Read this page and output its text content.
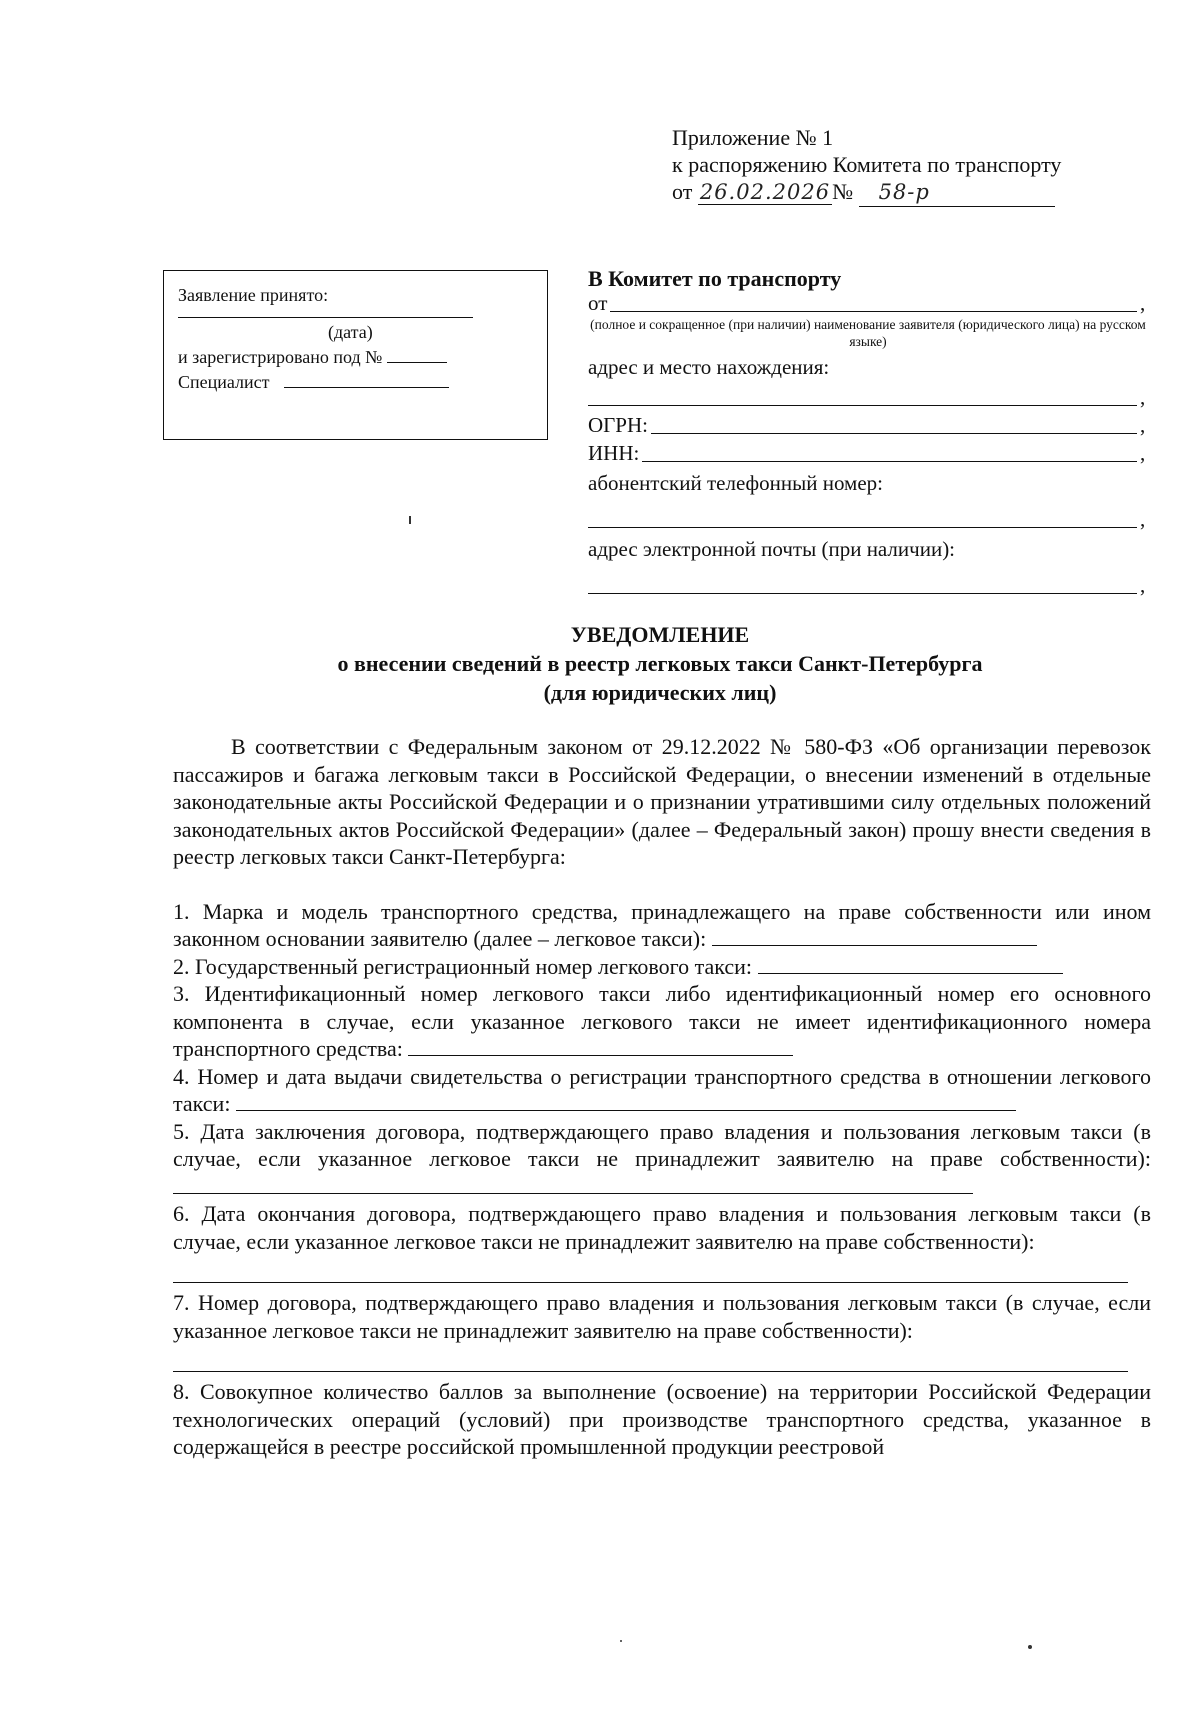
Приложение № 1
к распоряжению Комитета по транспорту
от 26.02.2026№ 58-р
Заявление принято:
(дата)
и зарегистрировано под №
Специалист
В Комитет по транспорту
от	,
(полное и сокращенное (при наличии) наименование заявителя (юридического лица) на русском языке)
адрес и место нахождения:
,
ОГРН:	,
ИНН:	,
абонентский телефонный номер:
,
адрес электронной почты (при наличии):
,
УВЕДОМЛЕНИЕ
о внесении сведений в реестр легковых такси Санкт-Петербурга
(для юридических лиц)

В соответствии с Федеральным законом от 29.12.2022 № 580-ФЗ «Об организации перевозок пассажиров и багажа легковым такси в Российской Федерации, о внесении изменений в отдельные законодательные акты Российской Федерации и о признании утратившими силу отдельных положений законодательных актов Российской Федерации» (далее – Федеральный закон) прошу внести сведения в реестр легковых такси Санкт-Петербурга:

1. Марка и модель транспортного средства, принадлежащего на праве собственности или ином законном основании заявителю (далее – легковое такси):

2. Государственный регистрационный номер легкового такси:

3. Идентификационный номер легкового такси либо идентификационный номер его основного компонента в случае, если указанное легкового такси не имеет идентификационного номера транспортного средства:

4. Номер и дата выдачи свидетельства о регистрации транспортного средства в отношении легкового такси:

5. Дата заключения договора, подтверждающего право владения и пользования легковым такси (в случае, если указанное легковое такси не принадлежит заявителю на праве собственности):

6. Дата окончания договора, подтверждающего право владения и пользования легковым такси (в случае, если указанное легковое такси не принадлежит заявителю на праве собственности):

7. Номер договора, подтверждающего право владения и пользования легковым такси (в случае, если указанное легковое такси не принадлежит заявителю на праве собственности):

8. Совокупное количество баллов за выполнение (освоение) на территории Российской Федерации технологических операций (условий) при производстве транспортного средства, указанное в содержащейся в реестре российской промышленной продукции реестровой
